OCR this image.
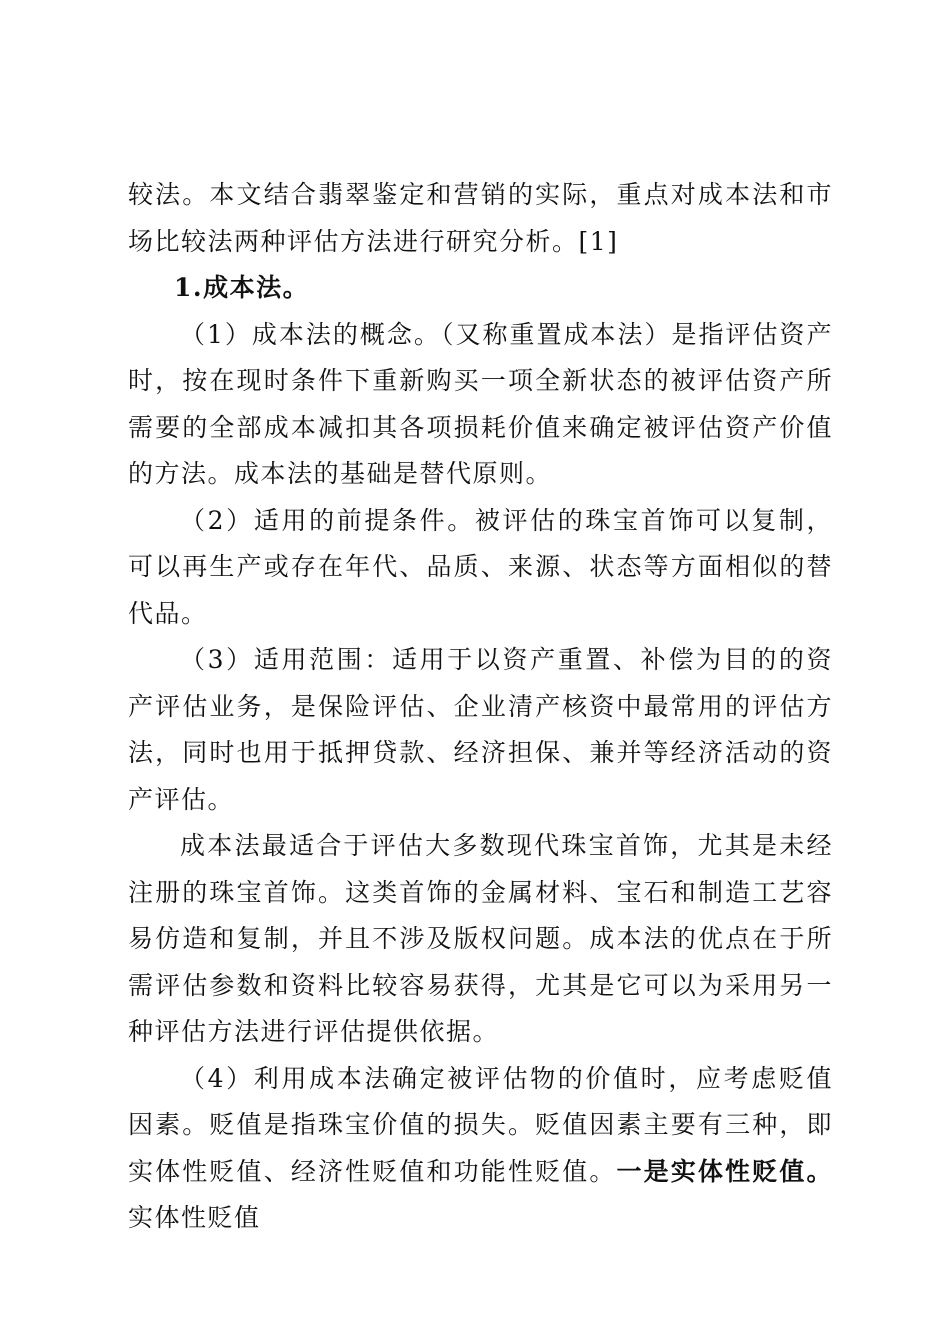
较法。本文结合翡翠鉴定和营销的实际，重点对成本法和市场比较法两种评估方法进行研究分析。[1]

1.成本法。

（1）成本法的概念。（又称重置成本法）是指评估资产时，按在现时条件下重新购买一项全新状态的被评估资产所需要的全部成本减扣其各项损耗价值来确定被评估资产价值的方法。成本法的基础是替代原则。

（2）适用的前提条件。被评估的珠宝首饰可以复制，可以再生产或存在年代、品质、来源、状态等方面相似的替代品。

（3）适用范围：适用于以资产重置、补偿为目的的资产评估业务，是保险评估、企业清产核资中最常用的评估方法，同时也用于抵押贷款、经济担保、兼并等经济活动的资产评估。

成本法最适合于评估大多数现代珠宝首饰，尤其是未经注册的珠宝首饰。这类首饰的金属材料、宝石和制造工艺容易仿造和复制，并且不涉及版权问题。成本法的优点在于所需评估参数和资料比较容易获得，尤其是它可以为采用另一种评估方法进行评估提供依据。

（4）利用成本法确定被评估物的价值时，应考虑贬值因素。贬值是指珠宝价值的损失。贬值因素主要有三种，即实体性贬值、经济性贬值和功能性贬值。一是实体性贬值。实体性贬值
